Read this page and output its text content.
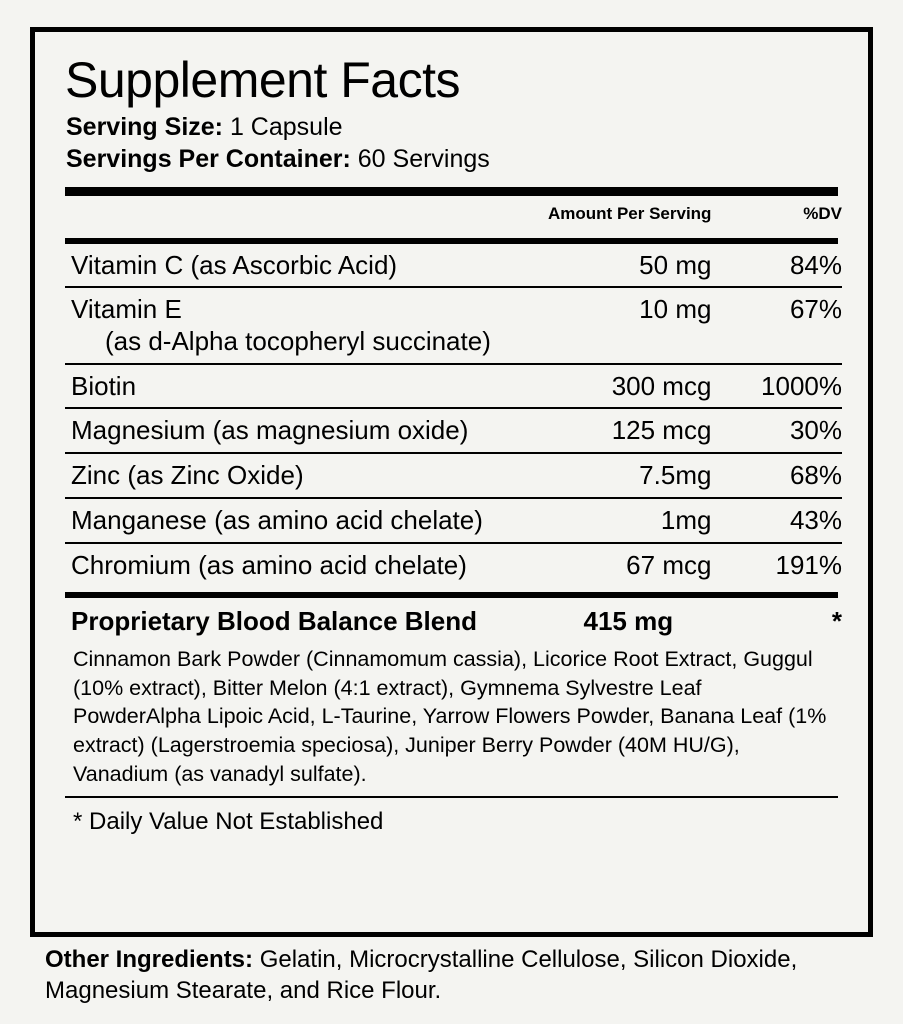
Supplement Facts
Serving Size: 1 Capsule
Servings Per Container: 60 Servings
	Amount Per Serving	%DV
Vitamin C (as Ascorbic Acid)	50 mg	84%
Vitamin E
(as d-Alpha tocopheryl succinate)	10 mg	67%
Biotin	300 mcg	1000%
Magnesium (as magnesium oxide)	125 mcg	30%
Zinc (as Zinc Oxide)	7.5mg	68%
Manganese (as amino acid chelate)	1mg	43%
Chromium (as amino acid chelate)	67 mcg	191%
Proprietary Blood Balance Blend	415 mg	*
Cinnamon Bark Powder (Cinnamomum cassia), Licorice Root Extract, Guggul (10% extract), Bitter Melon (4:1 extract), Gymnema Sylvestre Leaf PowderAlpha Lipoic Acid, L-Taurine, Yarrow Flowers Powder, Banana Leaf (1% extract) (Lagerstroemia speciosa), Juniper Berry Powder (40M HU/G), Vanadium (as vanadyl sulfate).
* Daily Value Not Established
Other Ingredients: Gelatin, Microcrystalline Cellulose, Silicon Dioxide, Magnesium Stearate, and Rice Flour.
